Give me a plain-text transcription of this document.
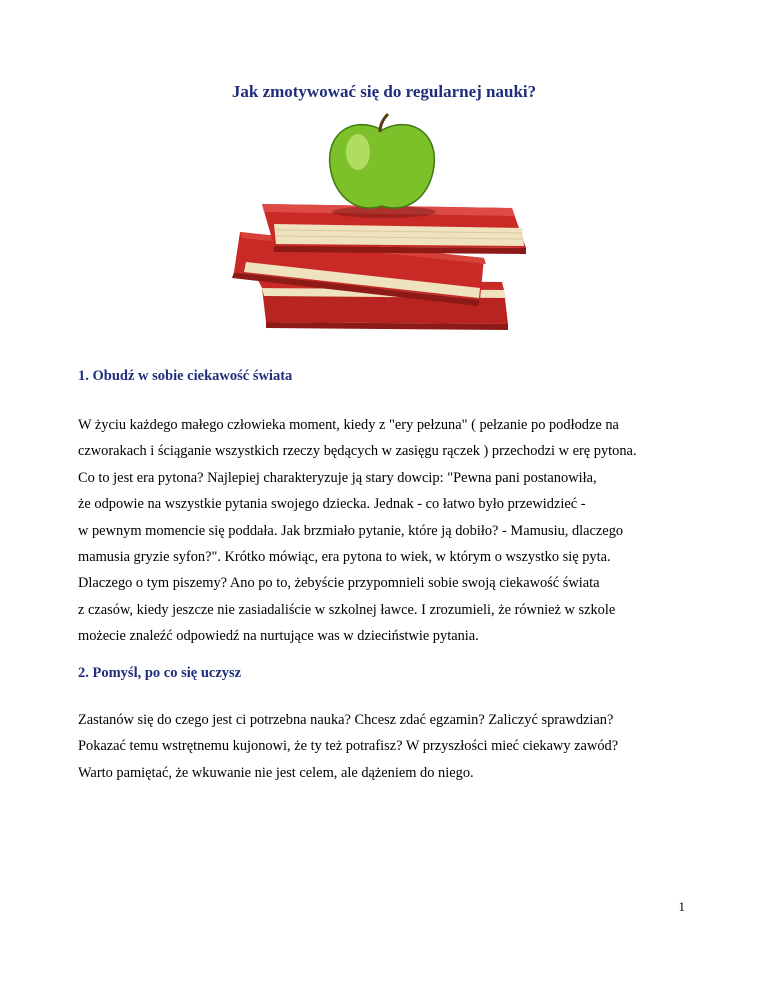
Jak zmotywować się do regularnej nauki?
1. Obudź w sobie ciekawość świata

W życiu każdego małego człowieka moment, kiedy z "ery pełzuna" ( pełzanie po podłodze na
czworakach i ściąganie wszystkich rzeczy będących w zasięgu rączek ) przechodzi w erę pytona.
Co to jest era pytona? Najlepiej charakteryzuje ją stary dowcip: "Pewna pani postanowiła,
że odpowie na wszystkie pytania swojego dziecka. Jednak - co łatwo było przewidzieć -
w pewnym momencie się poddała. Jak brzmiało pytanie, które ją dobiło? - Mamusiu, dlaczego
mamusia gryzie syfon?". Krótko mówiąc, era pytona to wiek, w którym o wszystko się pyta.
Dlaczego o tym piszemy? Ano po to, żebyście przypomnieli sobie swoją ciekawość świata
z czasów, kiedy jeszcze nie zasiadaliście w szkolnej ławce. I zrozumieli, że również w szkole
możecie znaleźć odpowiedź na nurtujące was w dzieciństwie pytania.

2. Pomyśl, po co się uczysz

Zastanów się do czego jest ci potrzebna nauka? Chcesz zdać egzamin? Zaliczyć sprawdzian?
Pokazać temu wstrętnemu kujonowi, że ty też potrafisz? W przyszłości mieć ciekawy zawód?
Warto pamiętać, że wkuwanie nie jest celem, ale dążeniem do niego.

1
